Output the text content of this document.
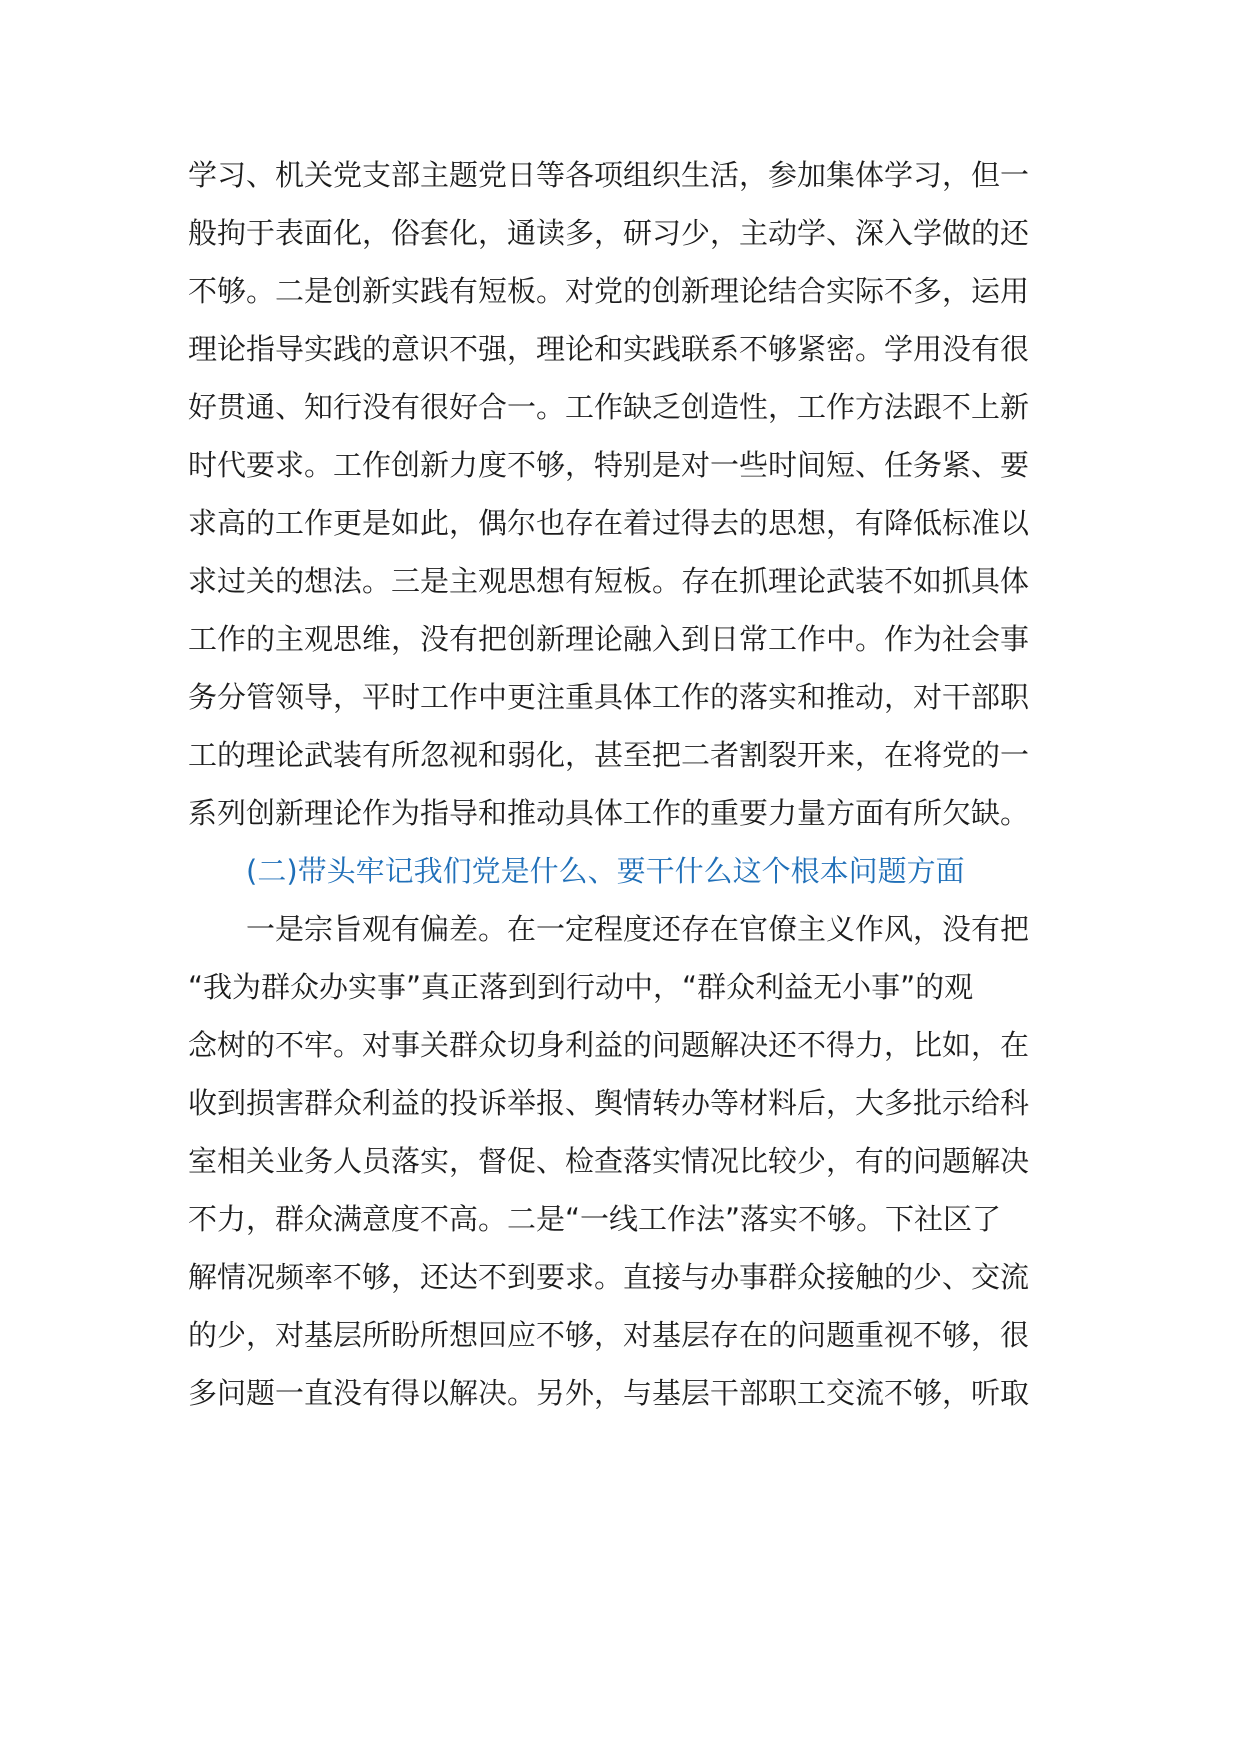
学习、机关党支部主题党日等各项组织生活，参加集体学习，但一
般拘于表面化，俗套化，通读多，研习少，主动学、深入学做的还
不够。二是创新实践有短板。对党的创新理论结合实际不多，运用
理论指导实践的意识不强，理论和实践联系不够紧密。学用没有很
好贯通、知行没有很好合一。工作缺乏创造性，工作方法跟不上新
时代要求。工作创新力度不够，特别是对一些时间短、任务紧、要
求高的工作更是如此，偶尔也存在着过得去的思想，有降低标准以
求过关的想法。三是主观思想有短板。存在抓理论武装不如抓具体
工作的主观思维，没有把创新理论融入到日常工作中。作为社会事
务分管领导，平时工作中更注重具体工作的落实和推动，对干部职
工的理论武装有所忽视和弱化，甚至把二者割裂开来，在将党的一
系列创新理论作为指导和推动具体工作的重要力量方面有所欠缺。
(二)带头牢记我们党是什么、要干什么这个根本问题方面
一是宗旨观有偏差。在一定程度还存在官僚主义作风，没有把
“我为群众办实事”真正落到到行动中，“群众利益无小事”的观
念树的不牢。对事关群众切身利益的问题解决还不得力，比如，在
收到损害群众利益的投诉举报、舆情转办等材料后，大多批示给科
室相关业务人员落实，督促、检查落实情况比较少，有的问题解决
不力，群众满意度不高。二是“一线工作法”落实不够。下社区了
解情况频率不够，还达不到要求。直接与办事群众接触的少、交流
的少，对基层所盼所想回应不够，对基层存在的问题重视不够，很
多问题一直没有得以解决。另外，与基层干部职工交流不够，听取
